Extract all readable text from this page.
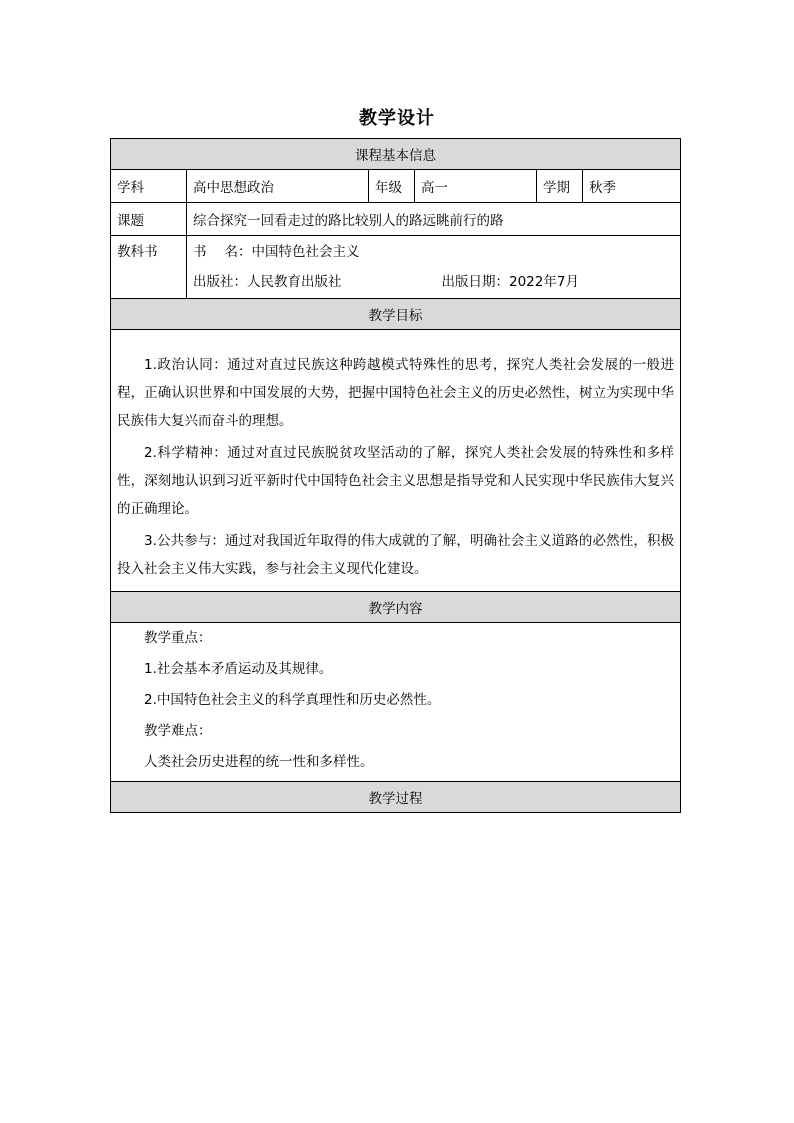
教学设计
课程基本信息					
学科	高中思想政治	年级	高一	学期	秋季
课题	综合探究一回看走过的路比较别人的路远眺前行的路				
教科书	书 名：中国特色社会主义

出版社：人民教育出版社 出版日期：2022年7月				

教学目标					

1.政治认同：通过对直过民族这种跨越模式特殊性的思考，探究人类社会发展的一般进程，正确认识世界和中国发展的大势，把握中国特色社会主义的历史必然性，树立为实现中华民族伟大复兴而奋斗的理想。

2.科学精神：通过对直过民族脱贫攻坚活动的了解，探究人类社会发展的特殊性和多样性，深刻地认识到习近平新时代中国特色社会主义思想是指导党和人民实现中华民族伟大复兴的正确理论。

3.公共参与：通过对我国近年取得的伟大成就的了解，明确社会主义道路的必然性，积极投入社会主义伟大实践，参与社会主义现代化建设。					

教学内容					

教学重点：

1.社会基本矛盾运动及其规律。

2.中国特色社会主义的科学真理性和历史必然性。

教学难点：

人类社会历史进程的统一性和多样性。					

教学过程					
